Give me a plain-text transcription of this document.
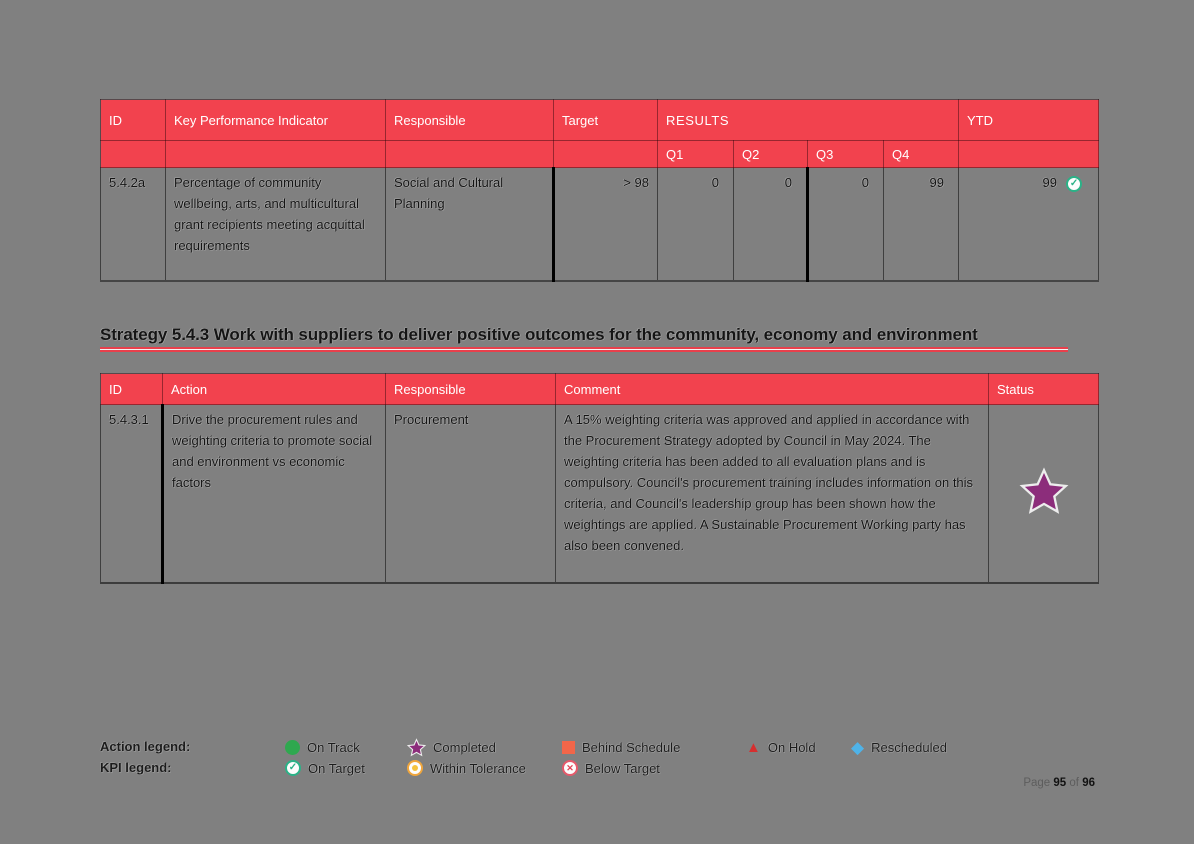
ID	Key Performance Indicator	Responsible	Target	RESULTS				YTD
				Q1	Q2	Q3	Q4	
5.4.2a	Percentage of community wellbeing, arts, and multicultural grant recipients meeting acquittal requirements	Social and Cultural Planning	> 98	0	0	0	99	99✓
Strategy 5.4.3 Work with suppliers to deliver positive outcomes for the community, economy and environment
ID	Action	Responsible	Comment	Status
5.4.3.1	Drive the procurement rules and weighting criteria to promote social and environment vs economic factors	Procurement	A 15% weighting criteria was approved and applied in accordance with the Procurement Strategy adopted by Council in May 2024. The weighting criteria has been added to all evaluation plans and is compulsory. Council's procurement training includes information on this criteria, and Council's leadership group has been shown how the weightings are applied. A Sustainable Procurement Working party has also been convened.	
Action legend:	On Track	Completed	Behind Schedule	▲ On Hold ◆ Rescheduled
KPI legend: ✓	On Target	Within Tolerance ✕	Below Target
Page 95 of 96
